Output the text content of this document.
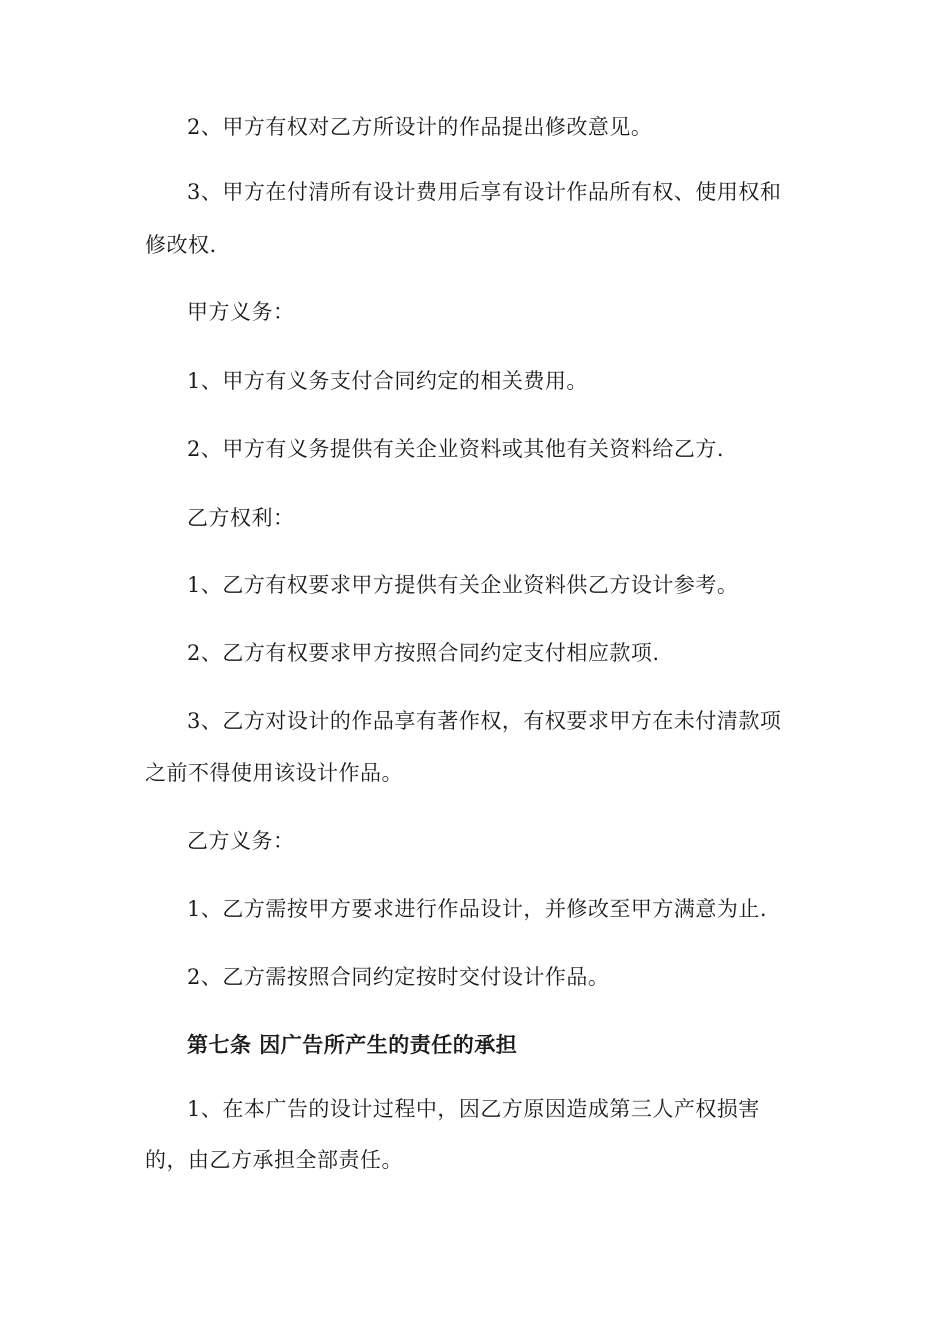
2、甲方有权对乙方所设计的作品提出修改意见。
3、甲方在付清所有设计费用后享有设计作品所有权、使用权和
修改权.
甲方义务：
1、甲方有义务支付合同约定的相关费用。
2、甲方有义务提供有关企业资料或其他有关资料给乙方.
乙方权利：
1、乙方有权要求甲方提供有关企业资料供乙方设计参考。
2、乙方有权要求甲方按照合同约定支付相应款项.
3、乙方对设计的作品享有著作权，有权要求甲方在未付清款项
之前不得使用该设计作品。
乙方义务：
1、乙方需按甲方要求进行作品设计，并修改至甲方满意为止.
2、乙方需按照合同约定按时交付设计作品。
第七条 因广告所产生的责任的承担
1、在本广告的设计过程中，因乙方原因造成第三人产权损害
的，由乙方承担全部责任。
